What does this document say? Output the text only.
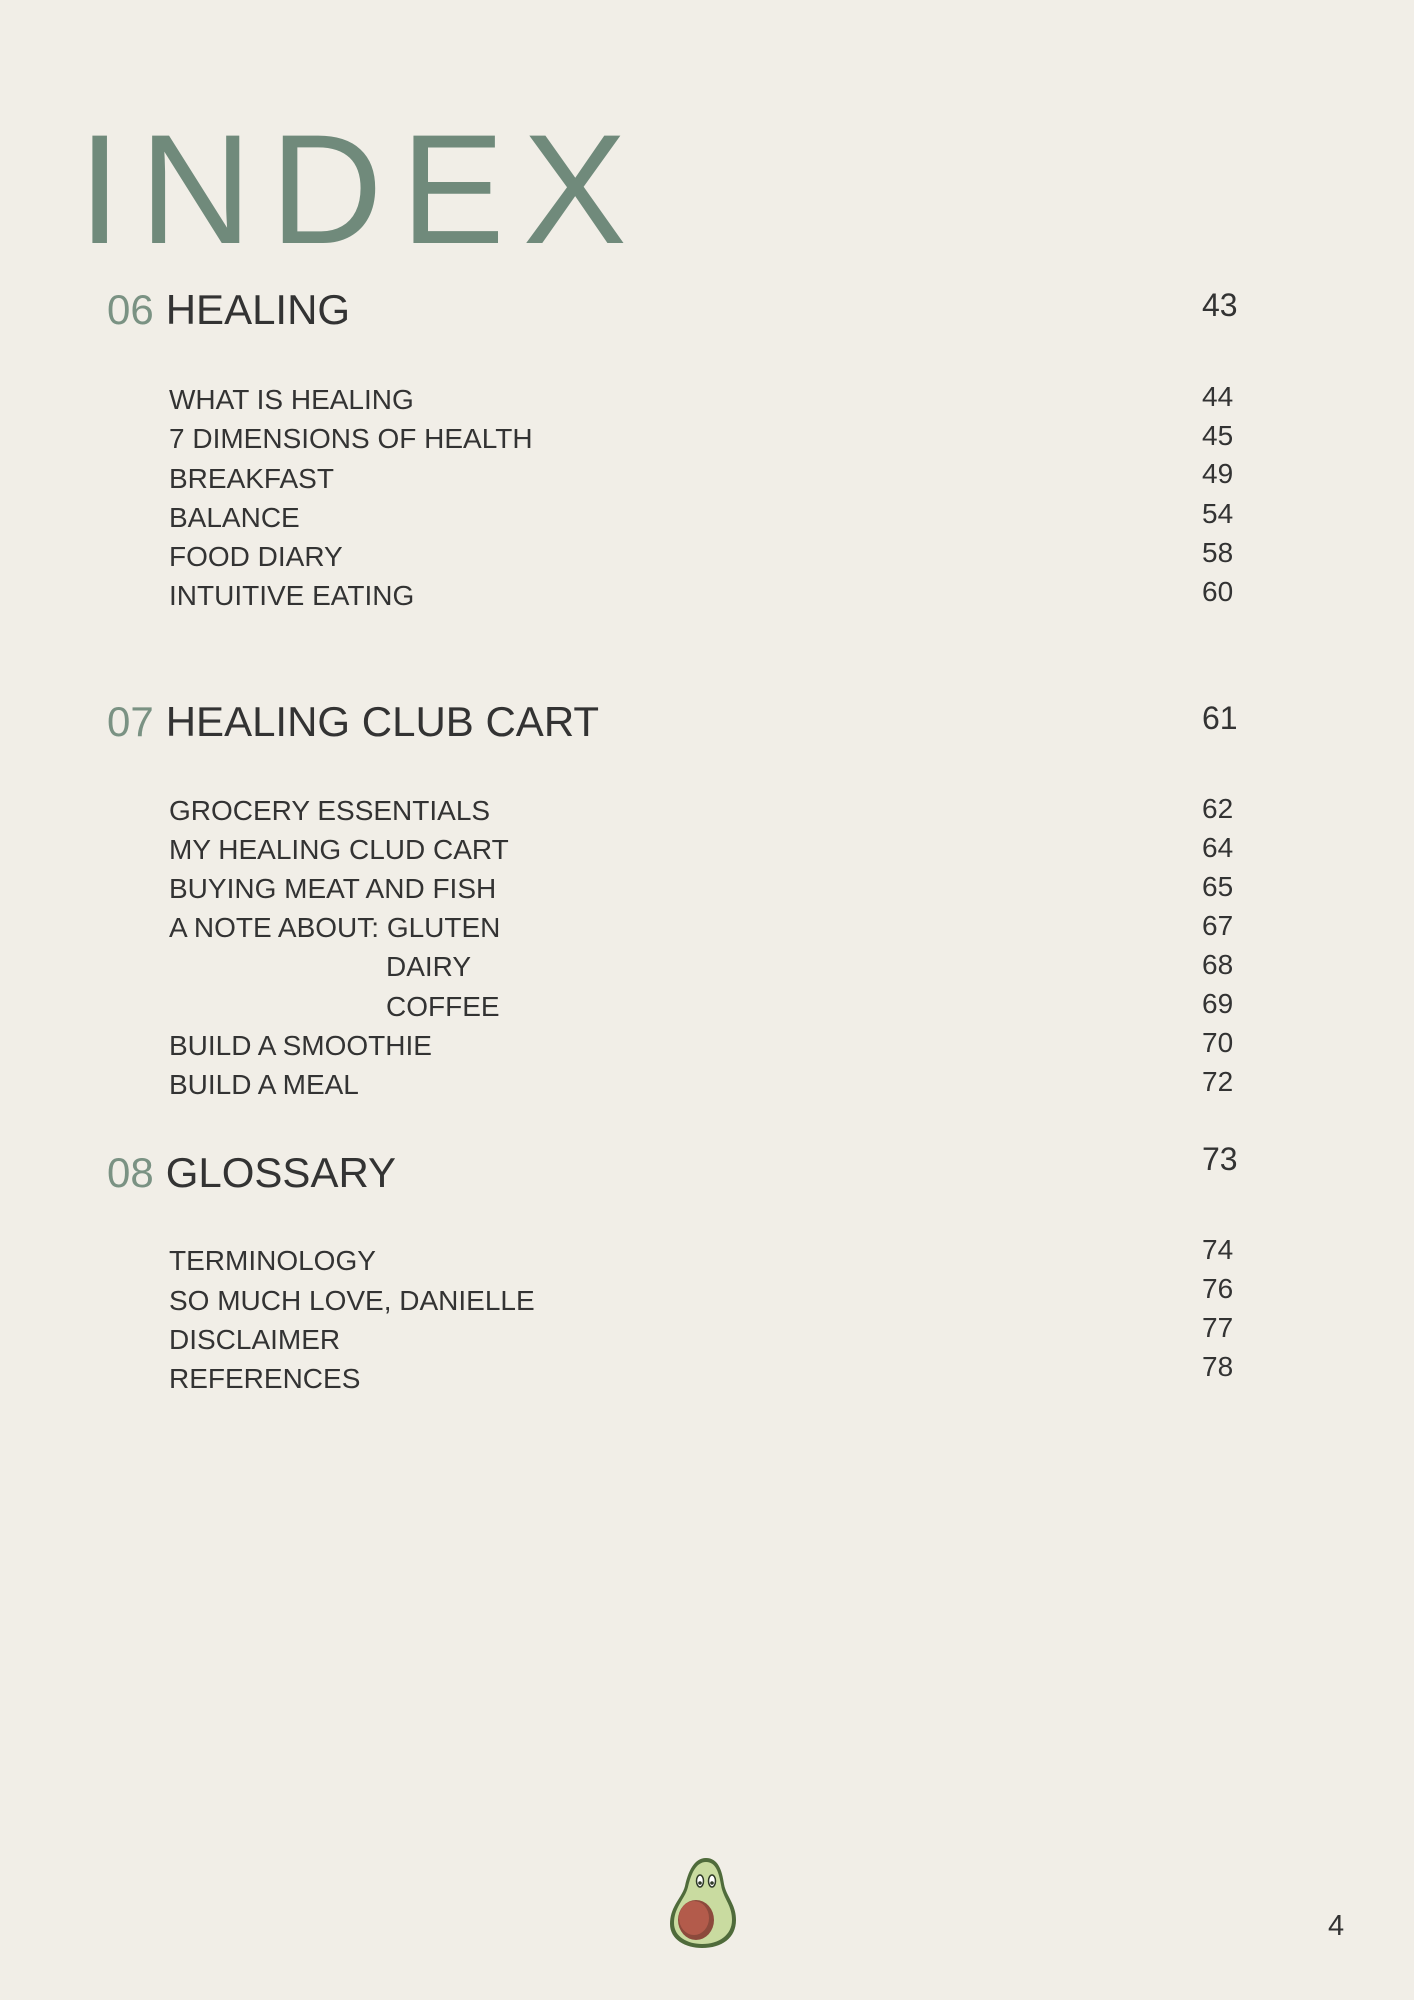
INDEX
06 HEALING	43
WHAT IS HEALING	44
7 DIMENSIONS OF HEALTH	45
BREAKFAST	49
BALANCE	54
FOOD DIARY	58
INTUITIVE EATING	60
07 HEALING CLUB CART	61
GROCERY ESSENTIALS	62
MY HEALING CLUD CART	64
BUYING MEAT AND FISH	65
A NOTE ABOUT: GLUTEN	67
DAIRY	68
COFFEE	69
BUILD A SMOOTHIE	70
BUILD A MEAL	72
08 GLOSSARY	73
TERMINOLOGY	74
SO MUCH LOVE, DANIELLE	76
DISCLAIMER	77
REFERENCES	78
4
